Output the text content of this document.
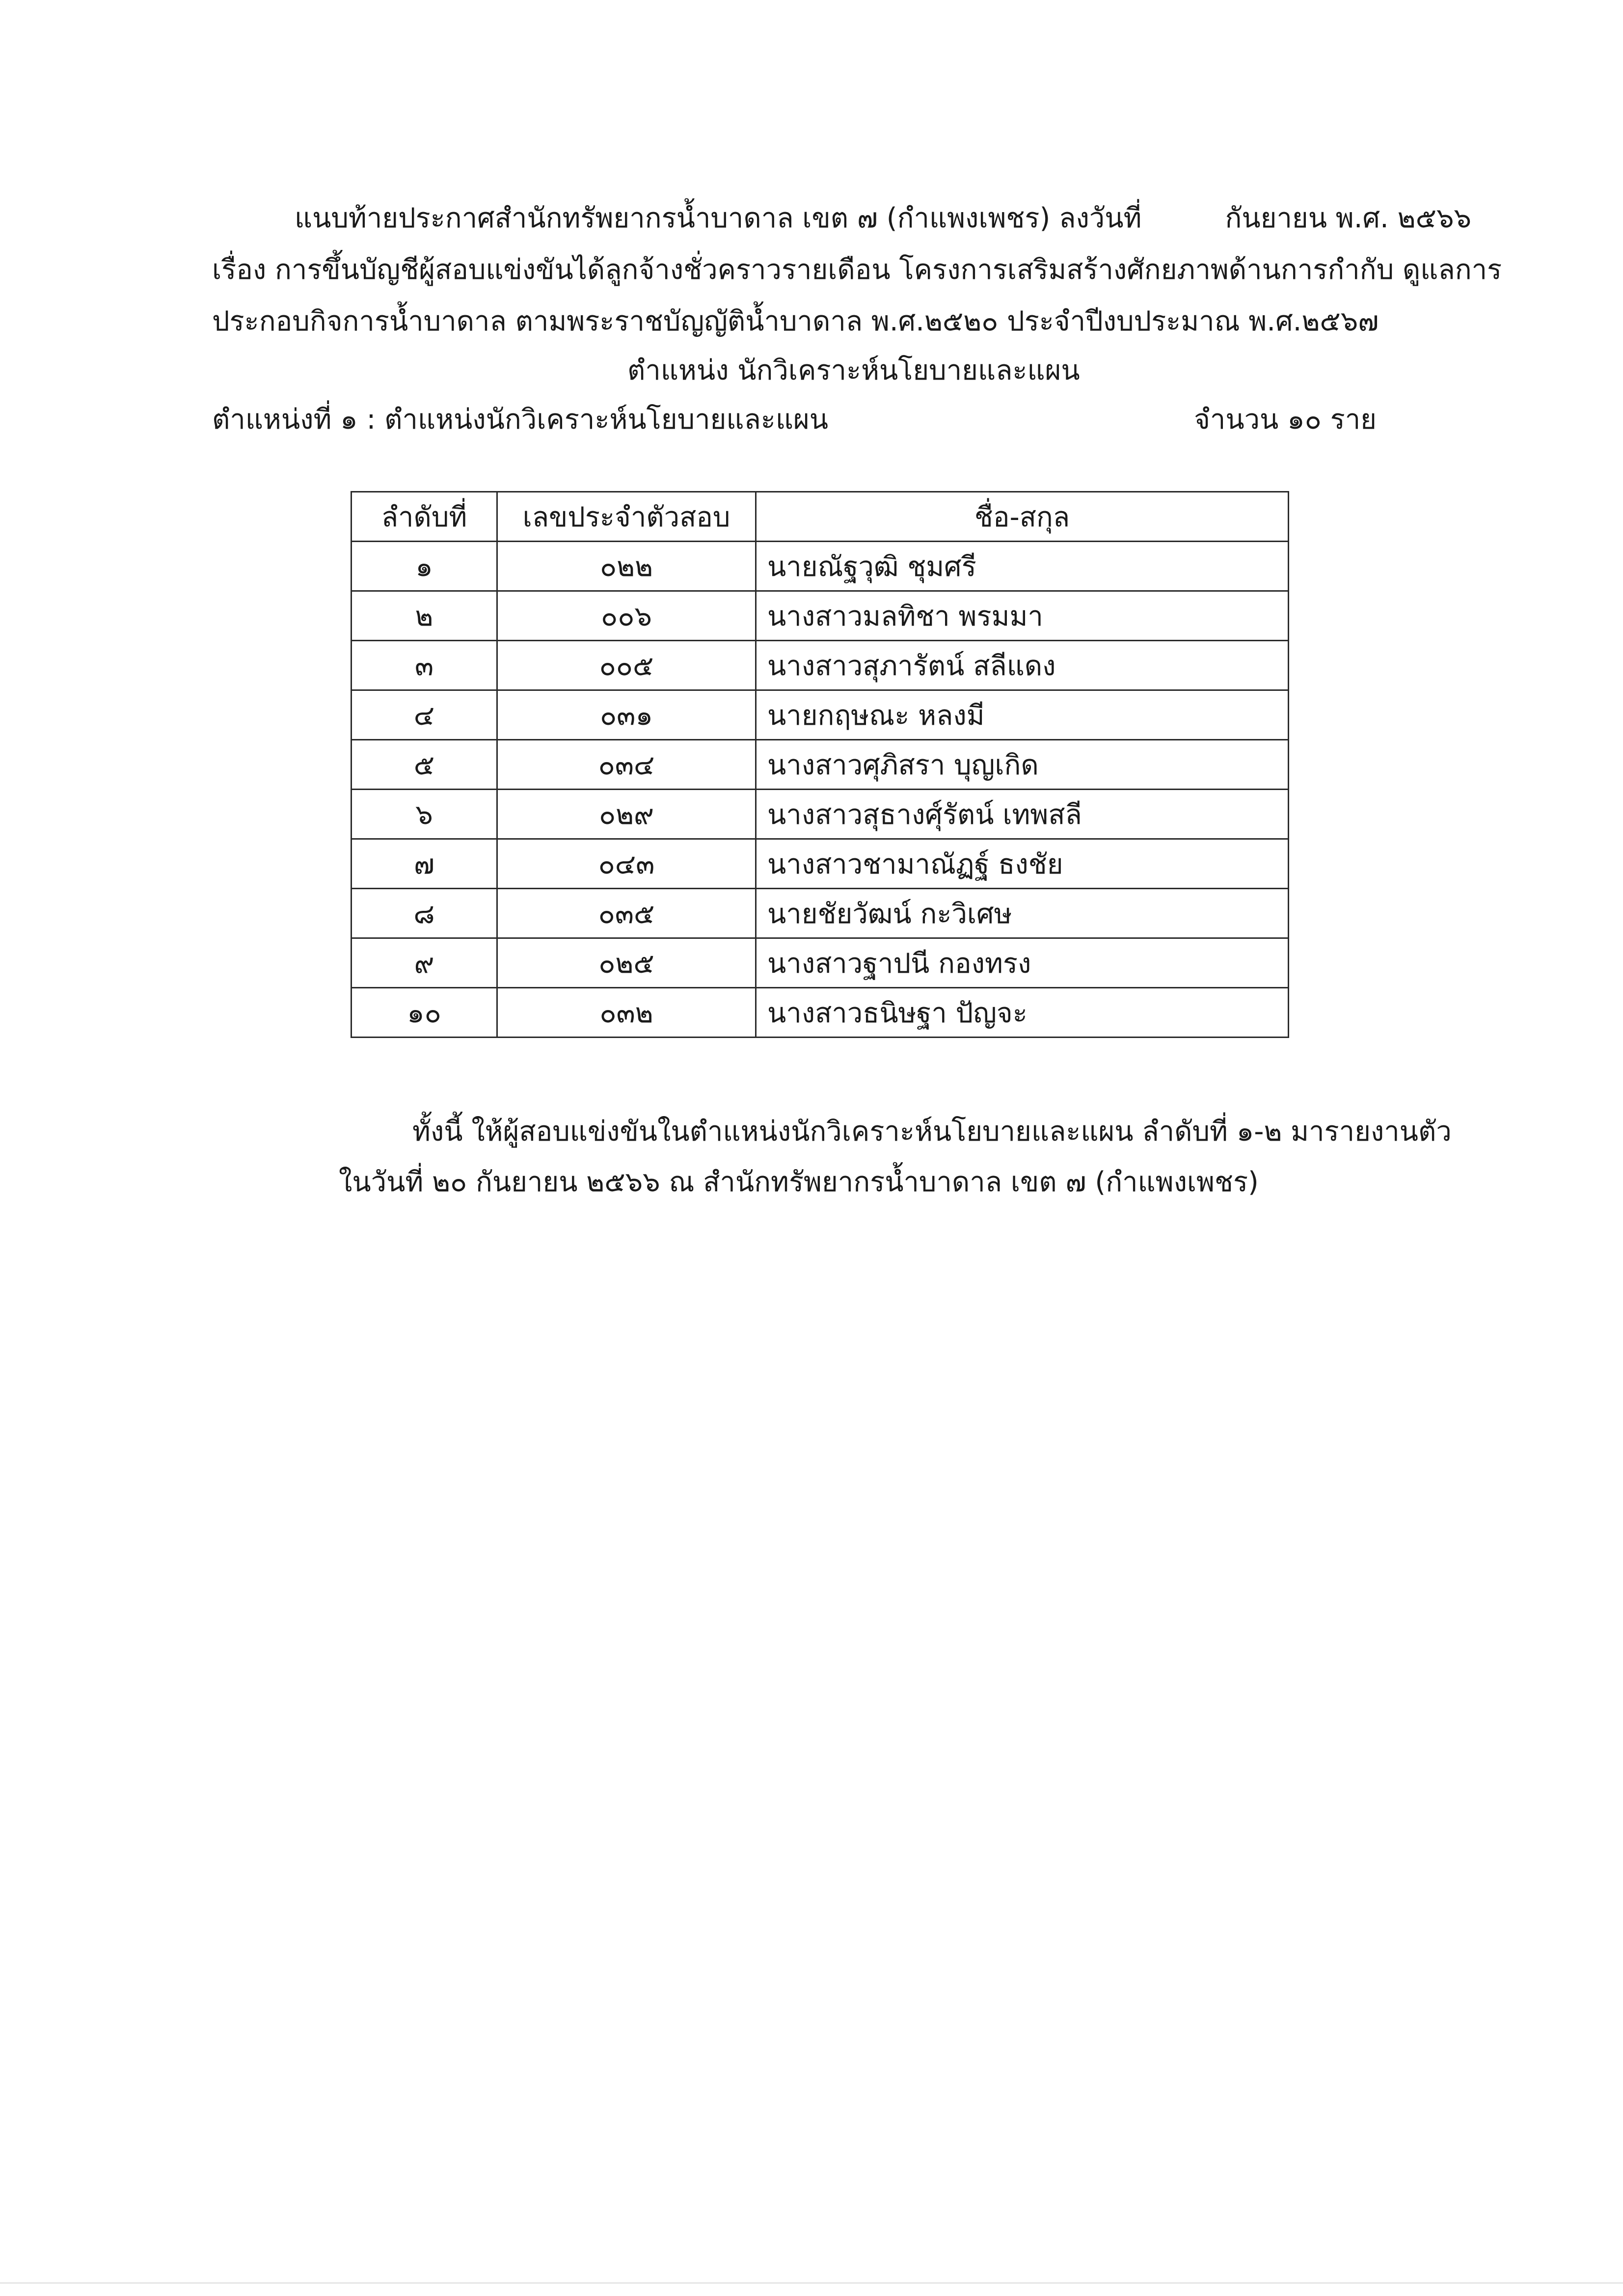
แนบท้ายประกาศสำนักทรัพยากรน้ำบาดาล เขต ๗ (กำแพงเพชร) ลงวันที่	กันยายน พ.ศ. ๒๕๖๖
เรื่อง การขึ้นบัญชีผู้สอบแข่งขันได้ลูกจ้างชั่วคราวรายเดือน โครงการเสริมสร้างศักยภาพด้านการกำกับ ดูแลการ
ประกอบกิจการน้ำบาดาล ตามพระราชบัญญัติน้ำบาดาล พ.ศ.๒๕๒๐ ประจำปีงบประมาณ พ.ศ.๒๕๖๗
ตำแหน่ง นักวิเคราะห์นโยบายและแผน
ตำแหน่งที่ ๑ : ตำแหน่งนักวิเคราะห์นโยบายและแผน	จำนวน ๑๐ ราย
ลำดับที่	เลขประจำตัวสอบ	ชื่อ-สกุล
๑	๐๒๒	นายณัฐวุฒิ ชุมศรี
๒	๐๐๖	นางสาวมลทิชา พรมมา
๓	๐๐๕	นางสาวสุภารัตน์ สลีแดง
๔	๐๓๑	นายกฤษณะ หลงมี
๕	๐๓๔	นางสาวศุภิสรา บุญเกิด
๖	๐๒๙	นางสาวสุธางศุ์รัตน์ เทพสลี
๗	๐๔๓	นางสาวชามาณัฏฐ์ ธงชัย
๘	๐๓๕	นายชัยวัฒน์ กะวิเศษ
๙	๐๒๕	นางสาวฐาปนี กองทรง
๑๐	๐๓๒	นางสาวธนิษฐา ปัญจะ
ทั้งนี้ ให้ผู้สอบแข่งขันในตำแหน่งนักวิเคราะห์นโยบายและแผน ลำดับที่ ๑-๒ มารายงานตัว
ในวันที่ ๒๐ กันยายน ๒๕๖๖ ณ สำนักทรัพยากรน้ำบาดาล เขต ๗ (กำแพงเพชร)
